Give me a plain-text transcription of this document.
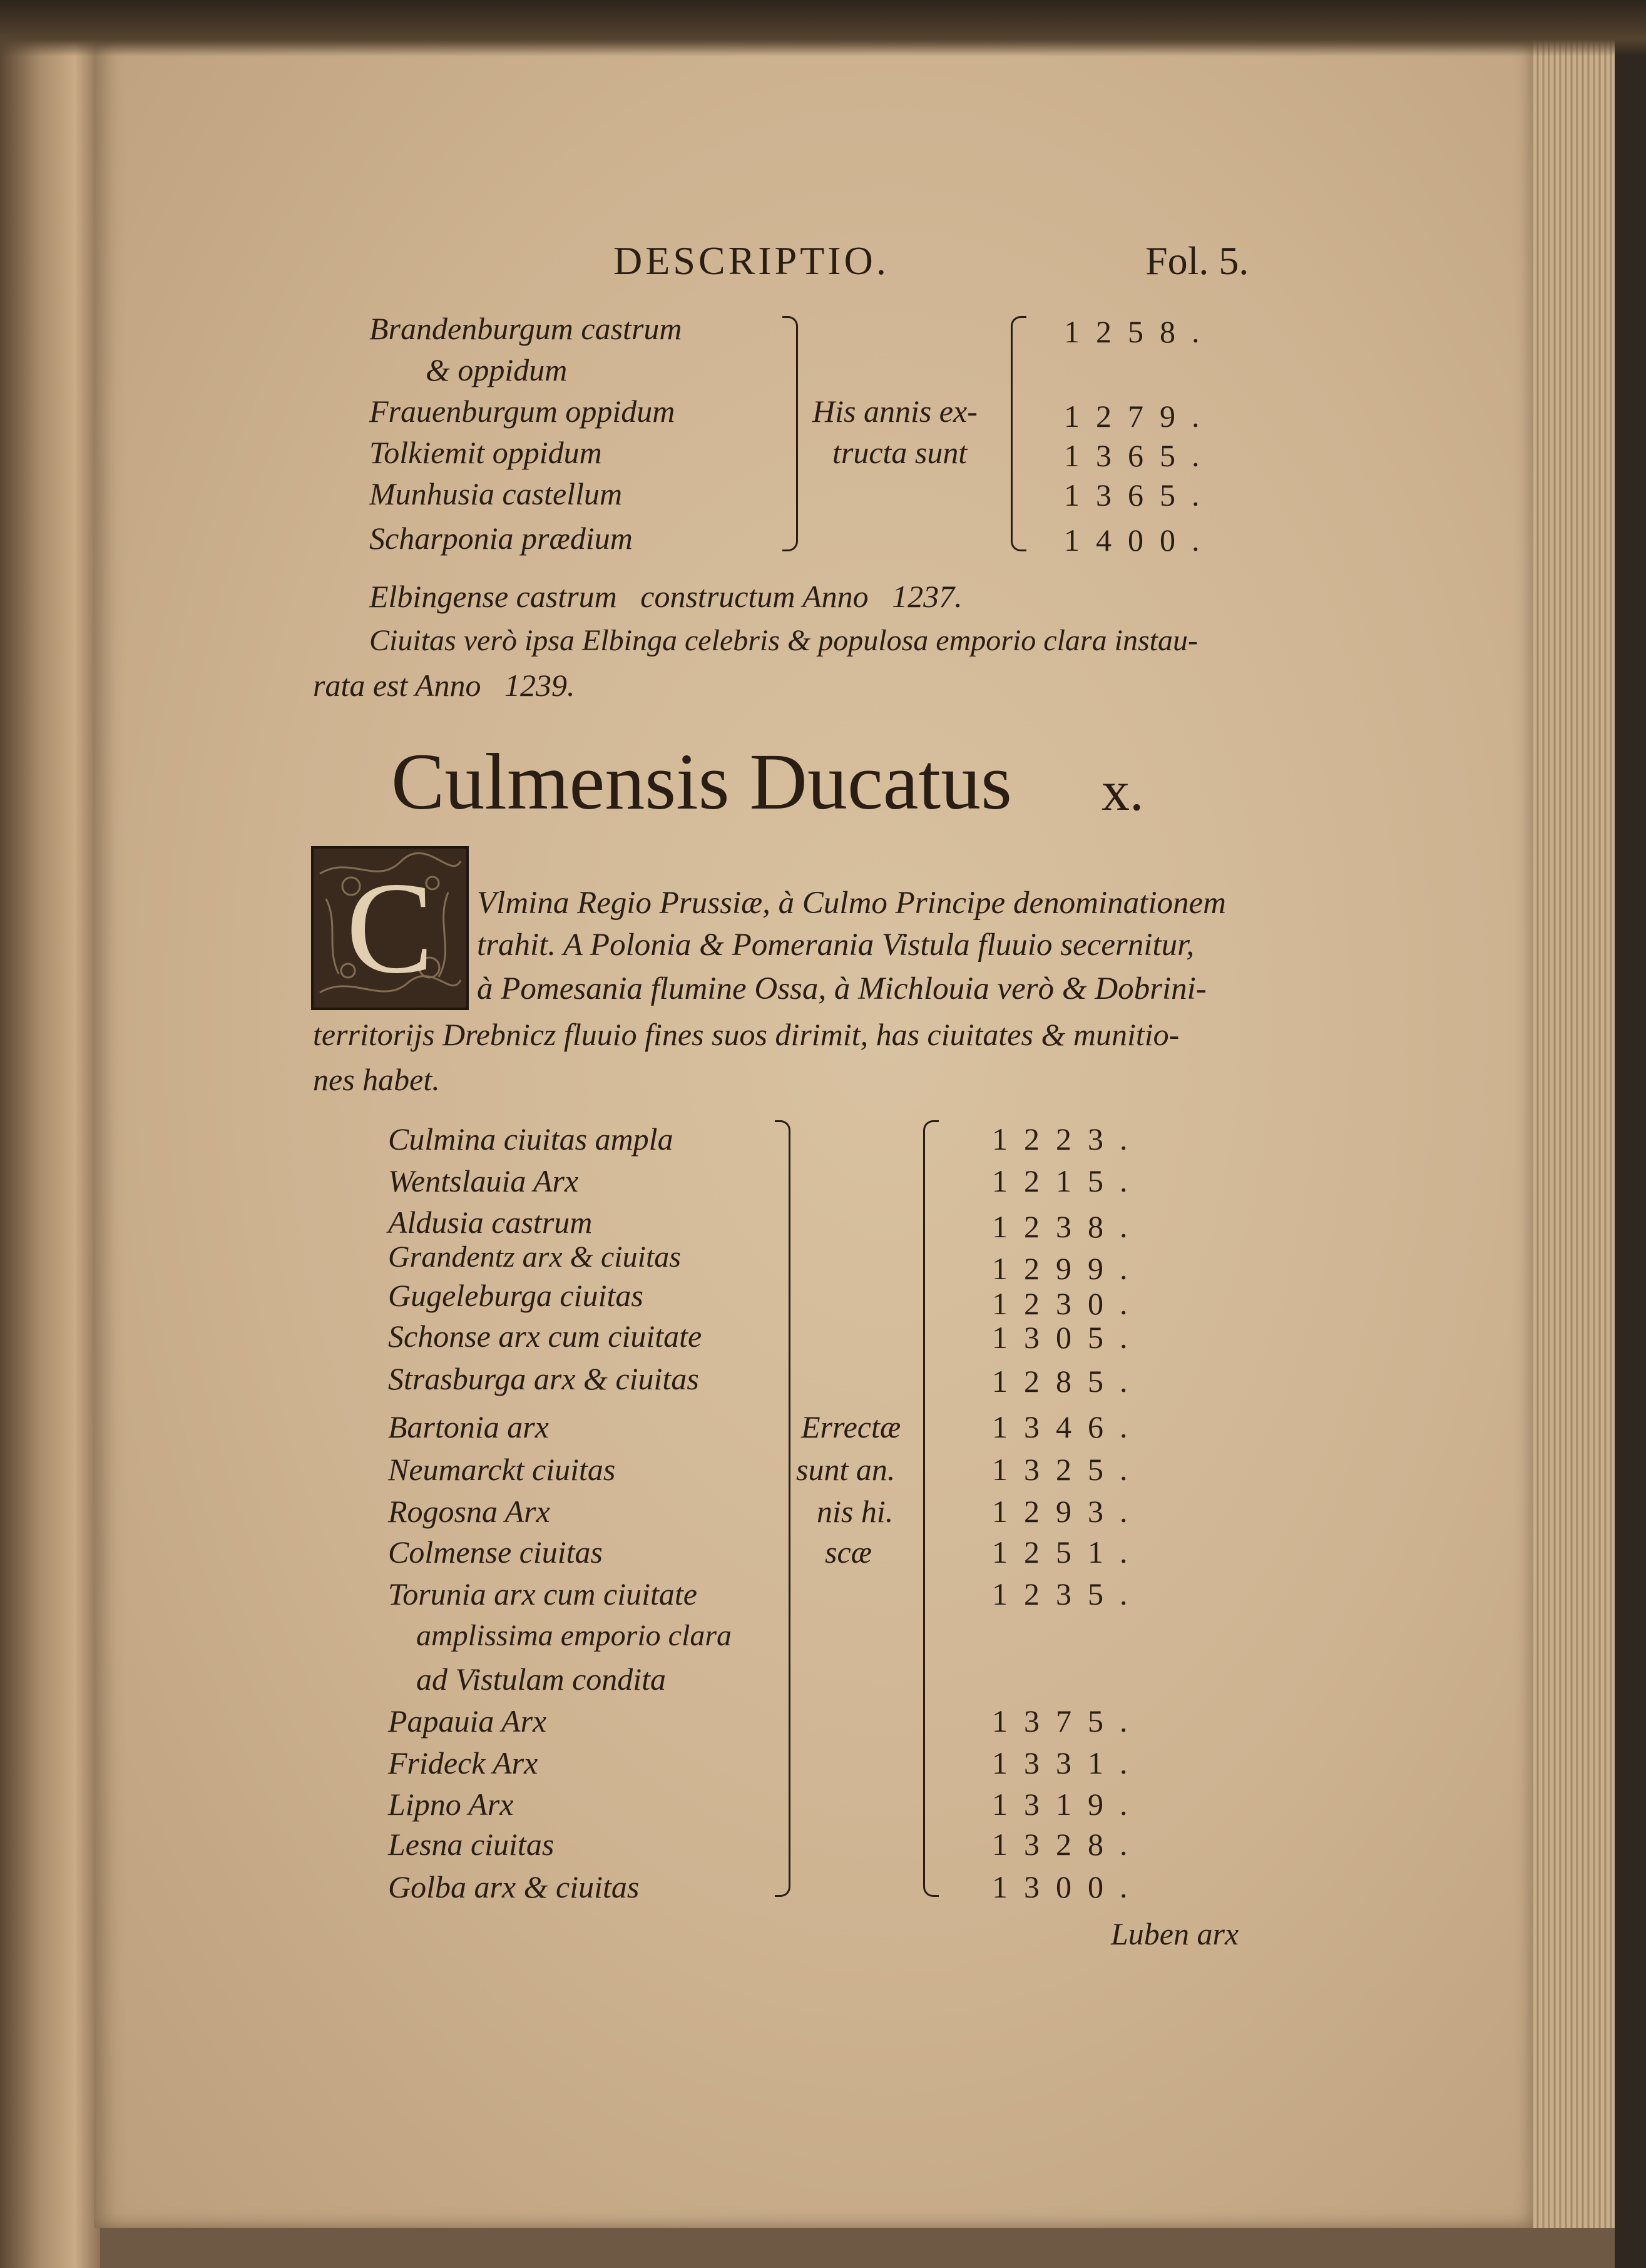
DESCRIPTIO.	Fol. 5.
Brandenburgum castrum
& oppidum
Frauenburgum oppidum
Tolkiemit oppidum
Munhusia castellum
Scharponia prædium
His annis ex-
tructa sunt
1258.
1279.
1365.
1365.
1400.
Elbingense castrum   constructum Anno   1237.
Ciuitas verò ipsa Elbinga celebris & populosa emporio clara instau-
rata est Anno   1239.
Culmensis Ducatus x.
C Vlmina Regio Prussiæ, à Culmo Principe denominationem
trahit. A Polonia & Pomerania Vistula fluuio secernitur,
à Pomesania flumine Ossa, à Michlouia verò & Dobrini-
territorijs Drebnicz fluuio fines suos dirimit, has ciuitates & munitio-
nes habet.
Culmina ciuitas ampla
Wentslauia Arx
Aldusia castrum
Grandentz arx & ciuitas
Gugeleburga ciuitas
Schonse arx cum ciuitate
Strasburga arx & ciuitas
Bartonia arx
Neumarckt ciuitas
Rogosna Arx
Colmense ciuitas
Torunia arx cum ciuitate
amplissima emporio clara
ad Vistulam condita
Papauia Arx
Frideck Arx
Lipno Arx
Lesna ciuitas
Golba arx & ciuitas
Errectæ
sunt an.
nis hi.
scæ
1223.
1215.
1238.
1299.
1230.
1305.
1285.
1346.
1325.
1293.
1251.
1235.
1375.
1331.
1319.
1328.
1300.
Luben arx
